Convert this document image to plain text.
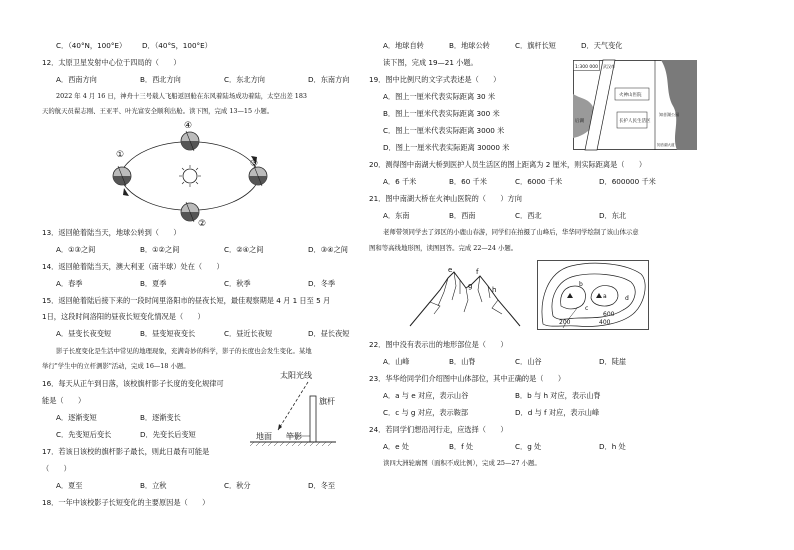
C．（40°N，100°E）	D．（40°S，100°E）
12．太原卫星发射中心位于四局的（　　）
A．西南方向	B．西北方向	C．东北方向	D．东南方向
2022 年 4 月 16 日，神舟十三号载人飞船返回舱在东风着陆场成功着陆，太空出差 183
天的航天员翟志刚、王亚平、叶光富安全顺利出舱。读下图，完成 13—15 小题。
①
②
③
④
13．返回舱着陆当天，地球公转到（　　）
A．①③之间	B．①②之间	C．②④之间	D．③④之间
14．返回舱着陆当天，澳大利亚（南半球）处在（　　）
A．春季	B．夏季	C．秋季	D．冬季
15．返回舱着陆后接下来的一段时间里洛阳市的昼夜长短，最佳观察期是 4 月 1 日至 5 月
1日，这段时间洛阳的昼夜长短变化情况是（　　）
A．昼变长夜变短	B．昼变短夜变长	C．昼近长夜短	D．昼长夜短
影子长度变化是生活中常见的地理现象，充满奇妙的科学，影子的长度也会发生变化。某地
举行"学生中的立杆测影"活动，完成 16—18 小题。
16．每天从正午到日落，该校旗杆影子长度的变化规律可
能是（　　）
A．逐渐变短	B．逐渐变长
C．先变短后变长	D．先变长后变短
太阳光线
旗杆
地面 竿影
17．若该日该校的旗杆影子最长，则此日最有可能是
（　　）
A．夏至	B．立秋	C．秋分	D．冬至
18．一年中该校影子长短变化的主要原因是（　　）
A．地球自转	B．地球公转	C．旗杆长短	D．天气变化
读下图，完成 19—21 小题。
19．图中比例尺的文字式表述是（　　）
A．图上一厘米代表实际距离 30 米
B．图上一厘米代表实际距离 300 米
C．图上一厘米代表实际距离 3000 米
D．图上一厘米代表实际距离 30000 米
1:300 000 武汉市
火神山医院
长护人民生活区
知音湖公园
后湖
知音湖大道
20．测得图中南湖大桥到医护人员生活区的图上距离为 2 厘米，则实际距离是（　　）
A．6 千米	B．60 千米	C．6000 千米	D．600000 千米
21．图中南湖大桥在火神山医院的（　　）方向
A．东南	B．西南	C．西北	D．东北
老师带领同学去了郊区的小鹿山春游，同学们在拍摄了山峰后，华华同学绘制了该山体示意
图和等高线地形图，读图回答。完成 22—24 小题。
e
g
f
h
a
b
c
d
200	400
600
22．图中没有表示出的地形部位是（　　）
A．山峰	B．山脊	C．山谷	D．陡崖
23．华华给同学们介绍图中山体部位，其中正确的是（　　）
A．a 与 e 对应，表示山谷	B．b 与 h 对应，表示山脊
C．c 与 g 对应，表示鞍部	D．d 与 f 对应，表示山峰
24．若同学们想沿河行走，应选择（　　）
A．e 处	B．f 处	C．g 处	D．h 处
读四大洲轮廓图（面积不成比例），完成 25—27 小题。
